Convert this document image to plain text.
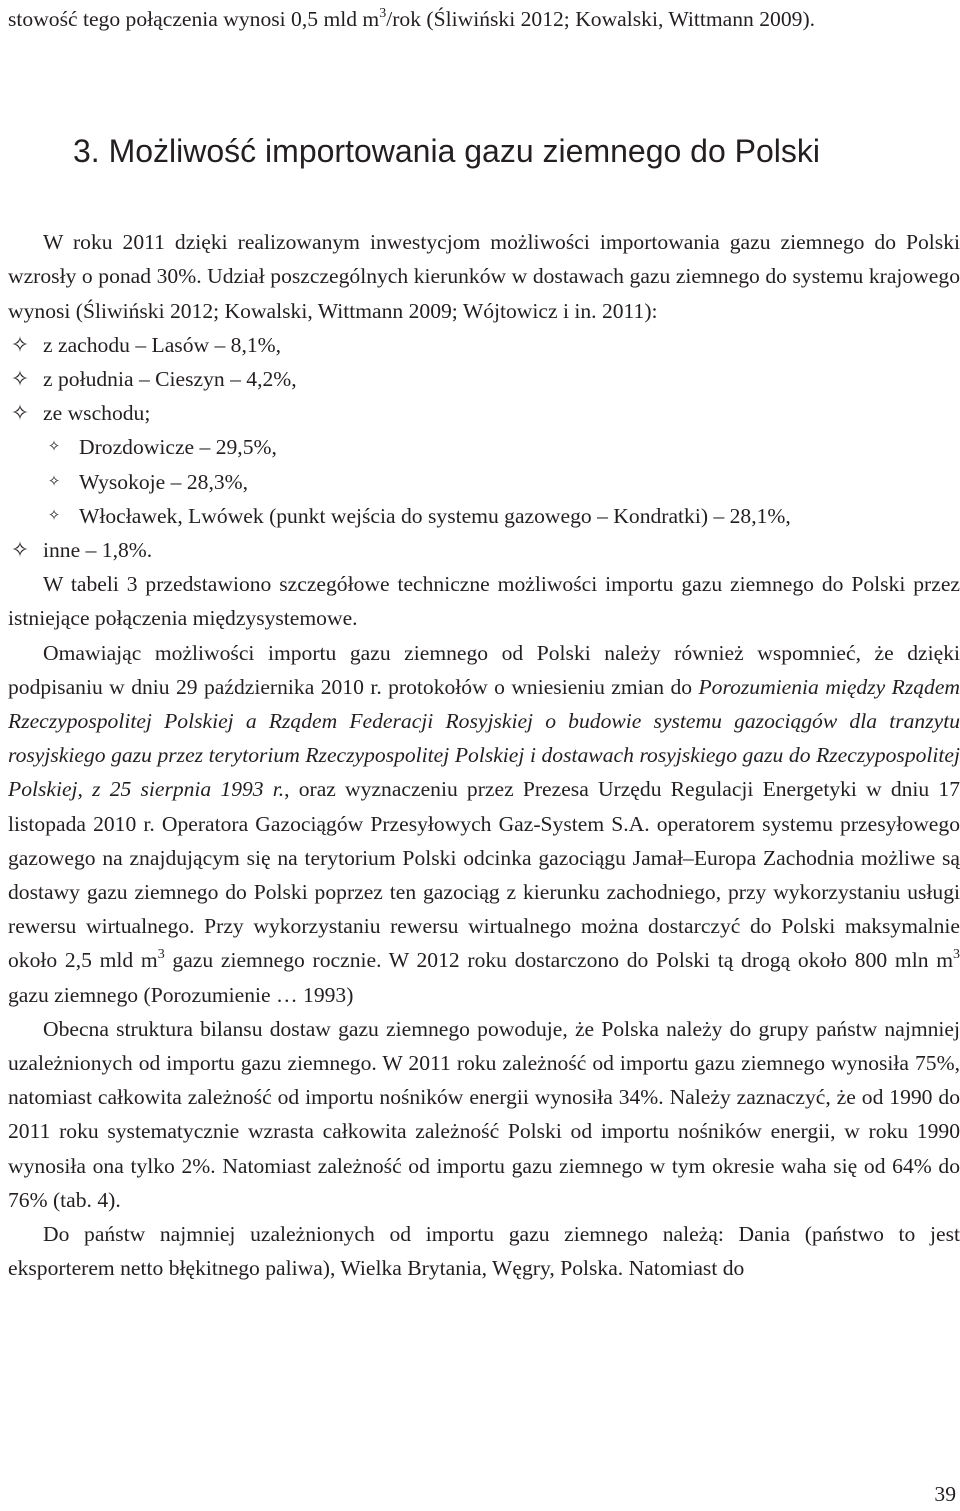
stowość tego połączenia wynosi 0,5 mld $m^3$/rok (Śliwiński 2012; Kowalski, Wittmann 2009).

3. Możliwość importowania gazu ziemnego do Polski

W roku 2011 dzięki realizowanym inwestycjom możliwości importowania gazu ziemnego do Polski wzrosły o ponad 30%. Udział poszczególnych kierunków w dostawach gazu ziemnego do systemu krajowego wynosi (Śliwiński 2012; Kowalski, Wittmann 2009; Wójtowicz i in. 2011):

✧ z zachodu – Lasów – 8,1%,
✧ z południa – Cieszyn – 4,2%,
✧ ze wschodu;
✧ Drozdowicze – 29,5%,
✧ Wysokoje – 28,3%,
✧ Włocławek, Lwówek (punkt wejścia do systemu gazowego – Kondratki) – 28,1%,
✧ inne – 1,8%.

W tabeli 3 przedstawiono szczegółowe techniczne możliwości importu gazu ziemnego do Polski przez istniejące połączenia międzysystemowe.

Omawiając możliwości importu gazu ziemnego od Polski należy również wspomnieć, że dzięki podpisaniu w dniu 29 października 2010 r. protokołów o wniesieniu zmian do Porozumienia między Rządem Rzeczypospolitej Polskiej a Rządem Federacji Rosyjskiej o budowie systemu gazociągów dla tranzytu rosyjskiego gazu przez terytorium Rzeczypospolitej Polskiej i dostawach rosyjskiego gazu do Rzeczypospolitej Polskiej, z 25 sierpnia 1993 r., oraz wyznaczeniu przez Prezesa Urzędu Regulacji Energetyki w dniu 17 listopada 2010 r. Operatora Gazociągów Przesyłowych Gaz-System S.A. operatorem systemu przesyłowego gazowego na znajdującym się na terytorium Polski odcinka gazociągu Jamał–Europa Zachodnia możliwe są dostawy gazu ziemnego do Polski poprzez ten gazociąg z kierunku zachodniego, przy wykorzystaniu usługi rewersu wirtualnego. Przy wykorzystaniu rewersu wirtualnego można dostarczyć do Polski maksymalnie około 2,5 mld $m^3$ gazu ziemnego rocznie. W 2012 roku dostarczono do Polski tą drogą około 800 mln $m^3$ gazu ziemnego (Porozumienie … 1993)

Obecna struktura bilansu dostaw gazu ziemnego powoduje, że Polska należy do grupy państw najmniej uzależnionych od importu gazu ziemnego. W 2011 roku zależność od importu gazu ziemnego wynosiła 75%, natomiast całkowita zależność od importu nośników energii wynosiła 34%. Należy zaznaczyć, że od 1990 do 2011 roku systematycznie wzrasta całkowita zależność Polski od importu nośników energii, w roku 1990 wynosiła ona tylko 2%. Natomiast zależność od importu gazu ziemnego w tym okresie waha się od 64% do 76% (tab. 4).

Do państw najmniej uzależnionych od importu gazu ziemnego należą: Dania (państwo to jest eksporterem netto błękitnego paliwa), Wielka Brytania, Węgry, Polska. Natomiast do

39
